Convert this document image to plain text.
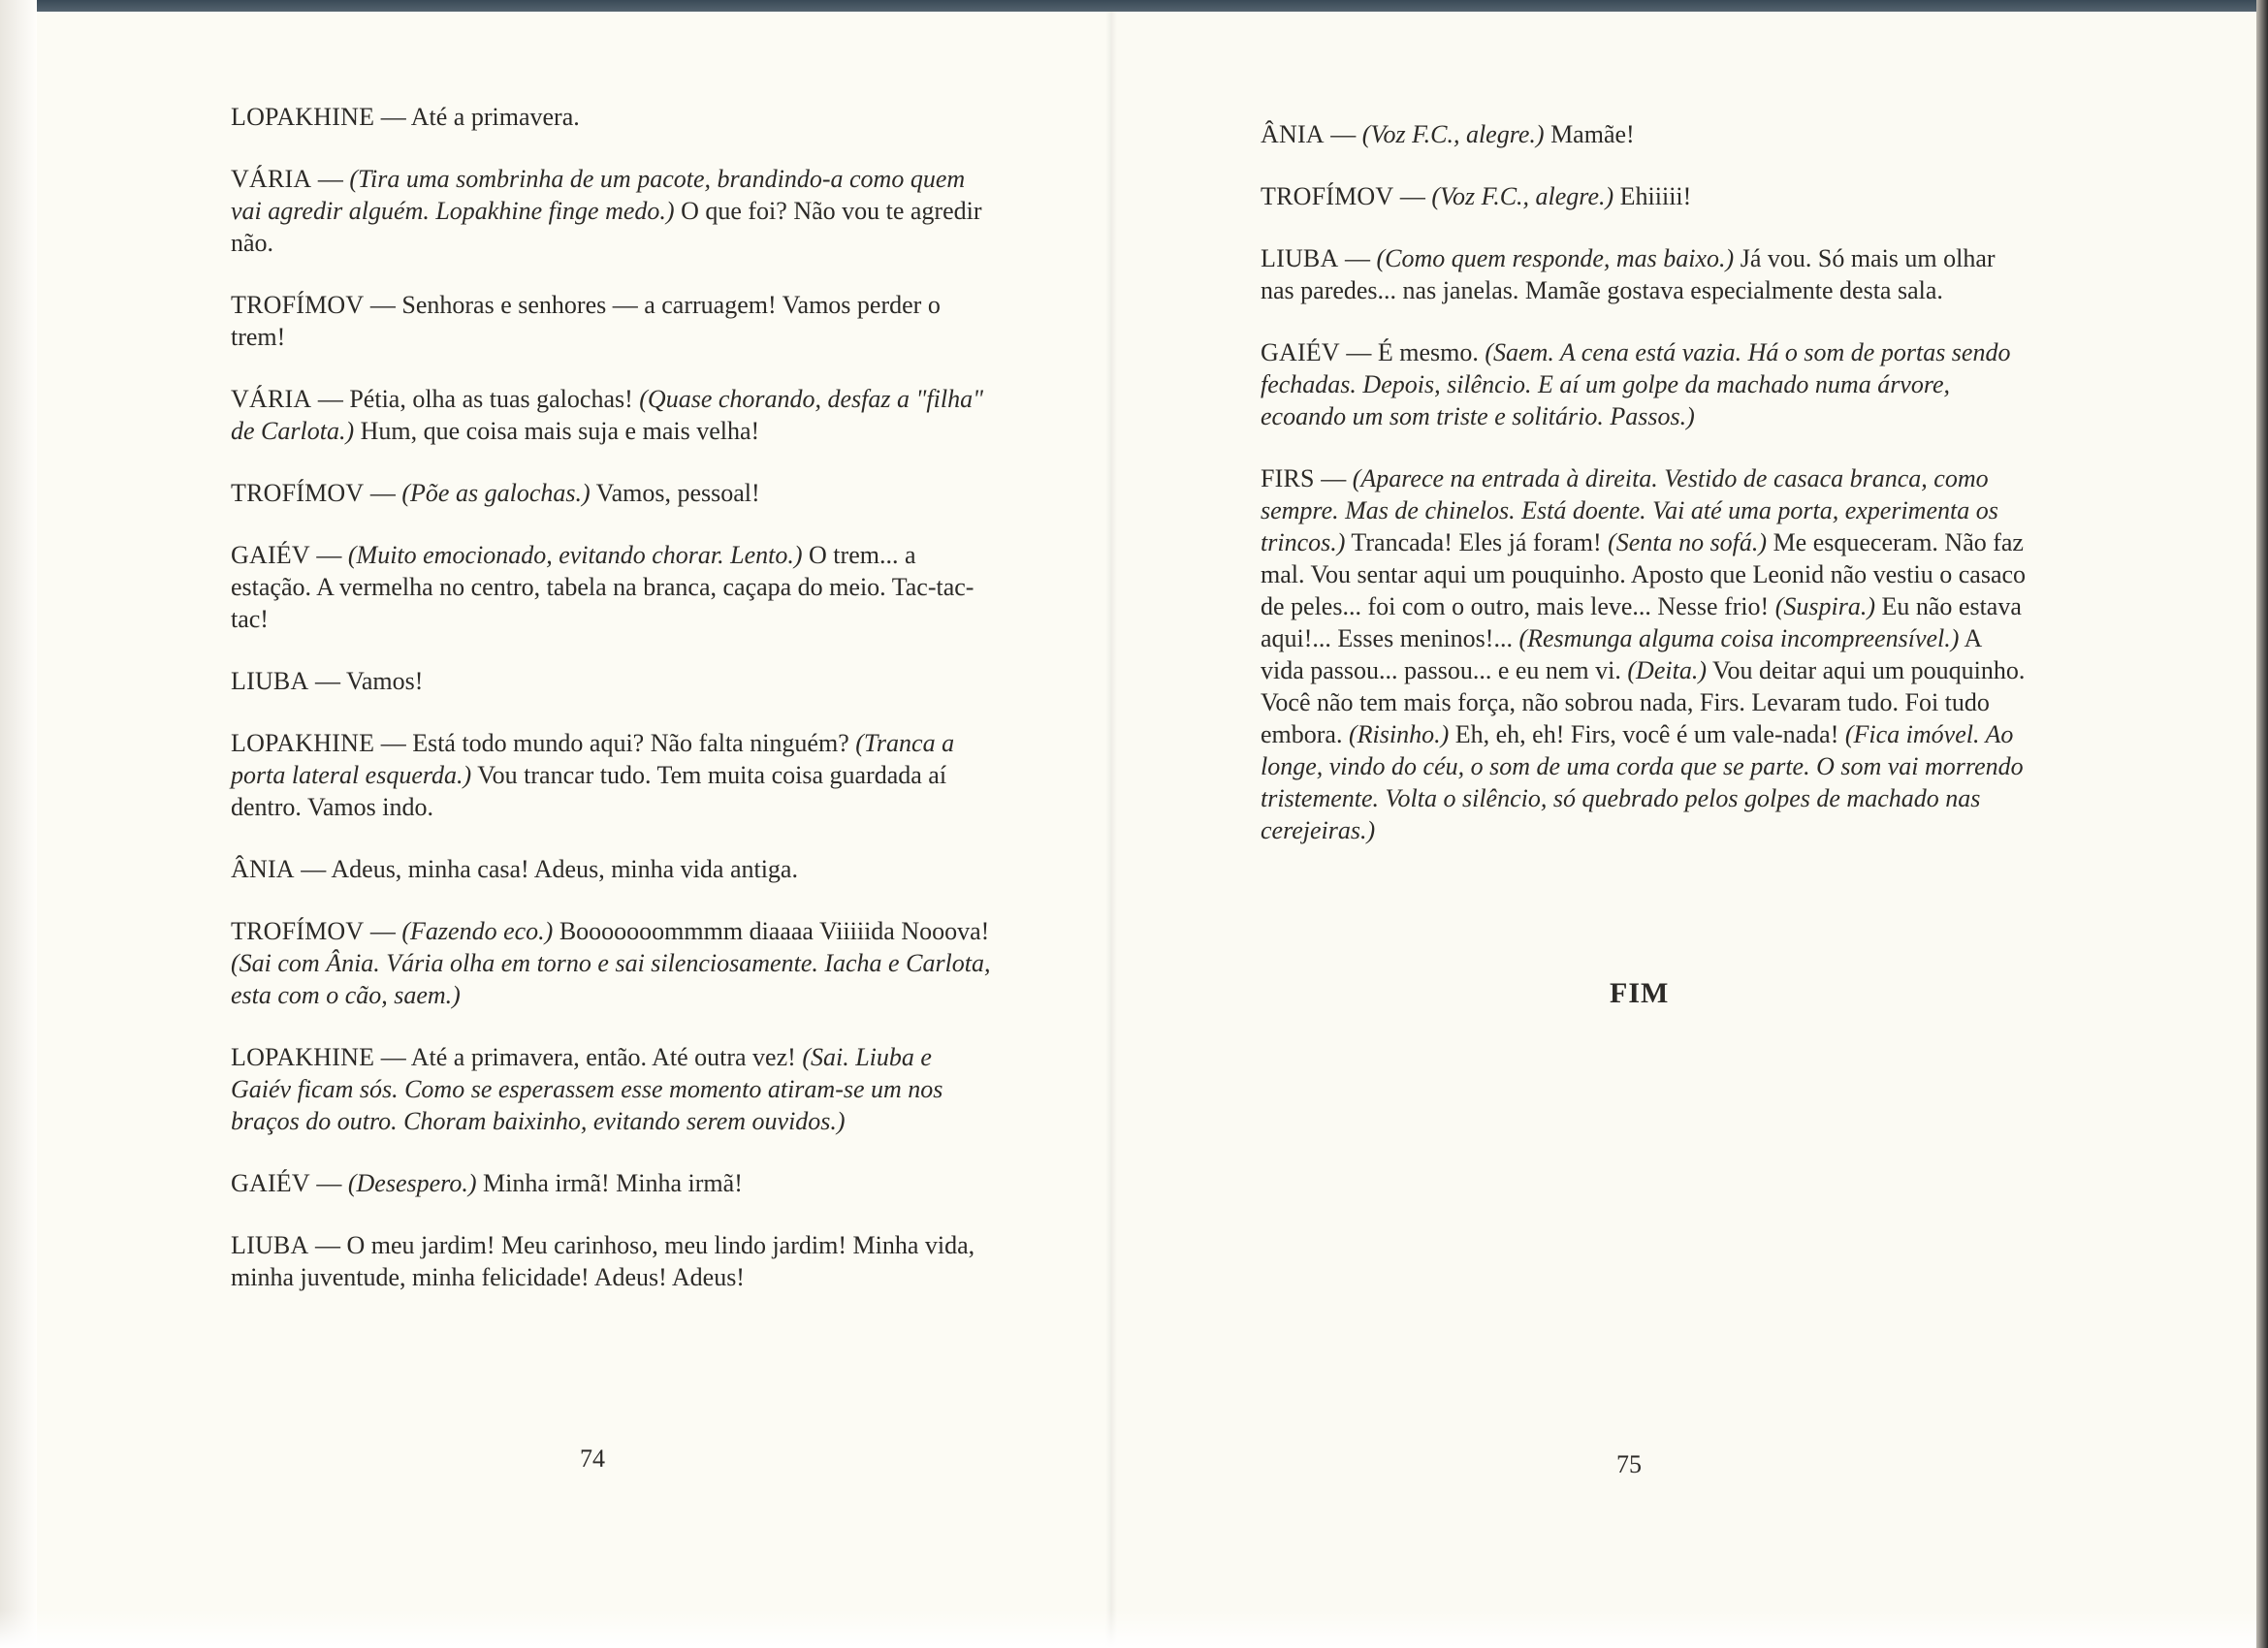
LOPAKHINE — Até a primavera.

VÁRIA — (Tira uma sombrinha de um pacote, brandindo-a como quem vai agredir alguém. Lopakhine finge medo.) O que foi? Não vou te agredir não.

TROFÍMOV — Senhoras e senhores — a carruagem! Vamos perder o trem!

VÁRIA — Pétia, olha as tuas galochas! (Quase chorando, desfaz a "filha" de Carlota.) Hum, que coisa mais suja e mais velha!

TROFÍMOV — (Põe as galochas.) Vamos, pessoal!

GAIÉV — (Muito emocionado, evitando chorar. Lento.) O trem... a estação. A vermelha no centro, tabela na branca, caçapa do meio. Tac-tac-tac!

LIUBA — Vamos!

LOPAKHINE — Está todo mundo aqui? Não falta ninguém? (Tranca a porta lateral esquerda.) Vou trancar tudo. Tem muita coisa guardada aí dentro. Vamos indo.

ÂNIA — Adeus, minha casa! Adeus, minha vida antiga.

TROFÍMOV — (Fazendo eco.) Booooooommmm diaaaa Viiiiida Nooova!
(Sai com Ânia. Vária olha em torno e sai silenciosamente. Iacha e Carlota, esta com o cão, saem.)

LOPAKHINE — Até a primavera, então. Até outra vez! (Sai. Liuba e Gaiév ficam sós. Como se esperassem esse momento atiram-se um nos braços do outro. Choram baixinho, evitando serem ouvidos.)

GAIÉV — (Desespero.) Minha irmã! Minha irmã!

LIUBA — O meu jardim! Meu carinhoso, meu lindo jardim! Minha vida, minha juventude, minha felicidade! Adeus! Adeus!

ÂNIA — (Voz F.C., alegre.) Mamãe!

TROFÍMOV — (Voz F.C., alegre.) Ehiiiii!

LIUBA — (Como quem responde, mas baixo.) Já vou. Só mais um olhar nas paredes... nas janelas. Mamãe gostava especialmente desta sala.

GAIÉV — É mesmo. (Saem. A cena está vazia. Há o som de portas sendo fechadas. Depois, silêncio. E aí um golpe da machado numa árvore, ecoando um som triste e solitário. Passos.)

FIRS — (Aparece na entrada à direita. Vestido de casaca branca, como sempre. Mas de chinelos. Está doente. Vai até uma porta, experimenta os trincos.) Trancada! Eles já foram! (Senta no sofá.) Me esqueceram. Não faz mal. Vou sentar aqui um pouquinho. Aposto que Leonid não vestiu o casaco de peles... foi com o outro, mais leve... Nesse frio! (Suspira.) Eu não estava aqui!... Esses meninos!... (Resmunga alguma coisa incompreensível.) A vida passou... passou... e eu nem vi. (Deita.) Vou deitar aqui um pouquinho. Você não tem mais força, não sobrou nada, Firs. Levaram tudo. Foi tudo embora. (Risinho.) Eh, eh, eh! Firs, você é um vale-nada! (Fica imóvel. Ao longe, vindo do céu, o som de uma corda que se parte. O som vai morrendo tristemente. Volta o silêncio, só quebrado pelos golpes de machado nas cerejeiras.)

FIM
74	75
